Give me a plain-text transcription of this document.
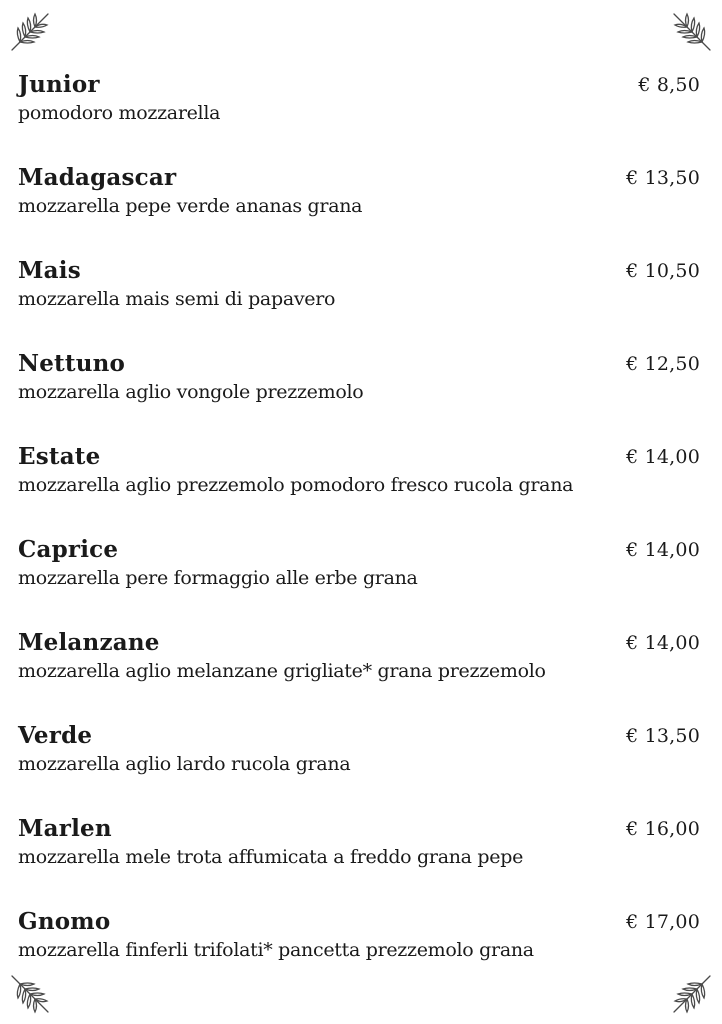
Junior	€ 8,50
pomodoro mozzarella
Madagascar	€ 13,50
mozzarella pepe verde ananas grana
Mais	€ 10,50
mozzarella mais semi di papavero
Nettuno	€ 12,50
mozzarella aglio vongole prezzemolo
Estate	€ 14,00
mozzarella aglio prezzemolo pomodoro fresco rucola grana
Caprice	€ 14,00
mozzarella pere formaggio alle erbe grana
Melanzane	€ 14,00
mozzarella aglio melanzane grigliate* grana prezzemolo
Verde	€ 13,50
mozzarella aglio lardo rucola grana
Marlen	€ 16,00
mozzarella mele trota affumicata a freddo grana pepe
Gnomo	€ 17,00
mozzarella finferli trifolati* pancetta prezzemolo grana
